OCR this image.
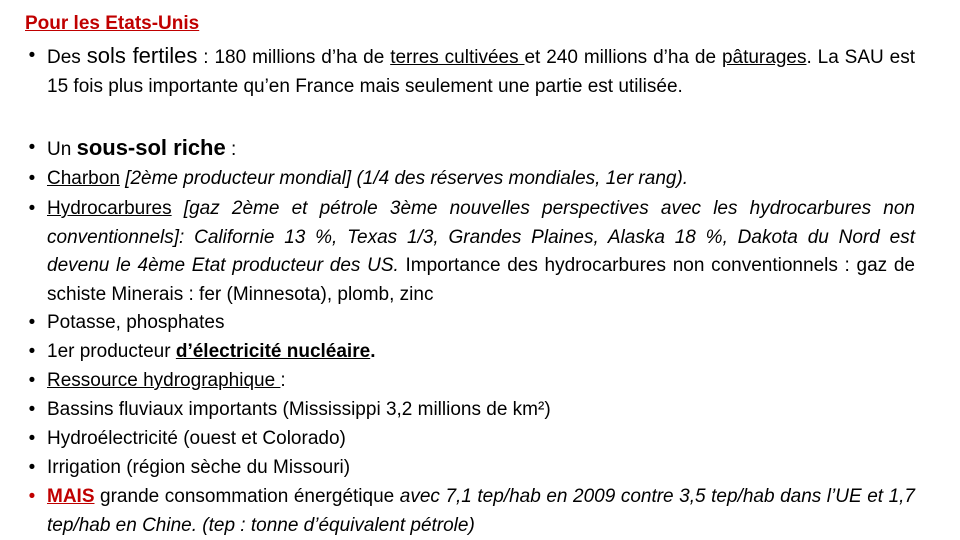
Pour les Etats-Unis
• Des sols fertiles : 180 millions d’ha de terres cultivées et 240 millions d’ha de pâturages. La SAU est 15 fois plus importante qu’en France mais seulement une partie est utilisée.
• Un sous-sol riche :
• Charbon [2ème producteur mondial] (1/4 des réserves mondiales, 1er rang).
• Hydrocarbures [gaz 2ème et pétrole 3ème nouvelles perspectives avec les hydrocarbures non conventionnels]: Californie 13 %, Texas 1/3, Grandes Plaines, Alaska 18 %, Dakota du Nord est devenu le 4ème Etat producteur des US. Importance des hydrocarbures non conventionnels : gaz de schiste Minerais : fer (Minnesota), plomb, zinc
• Potasse, phosphates
• 1er producteur d’électricité nucléaire.
• Ressource hydrographique :
• Bassins fluviaux importants (Mississippi 3,2 millions de km²)
• Hydroélectricité (ouest et Colorado)
• Irrigation (région sèche du Missouri)
• MAIS grande consommation énergétique avec 7,1 tep/hab en 2009 contre 3,5 tep/hab dans l’UE et 1,7 tep/hab en Chine. (tep : tonne d’équivalent pétrole)
